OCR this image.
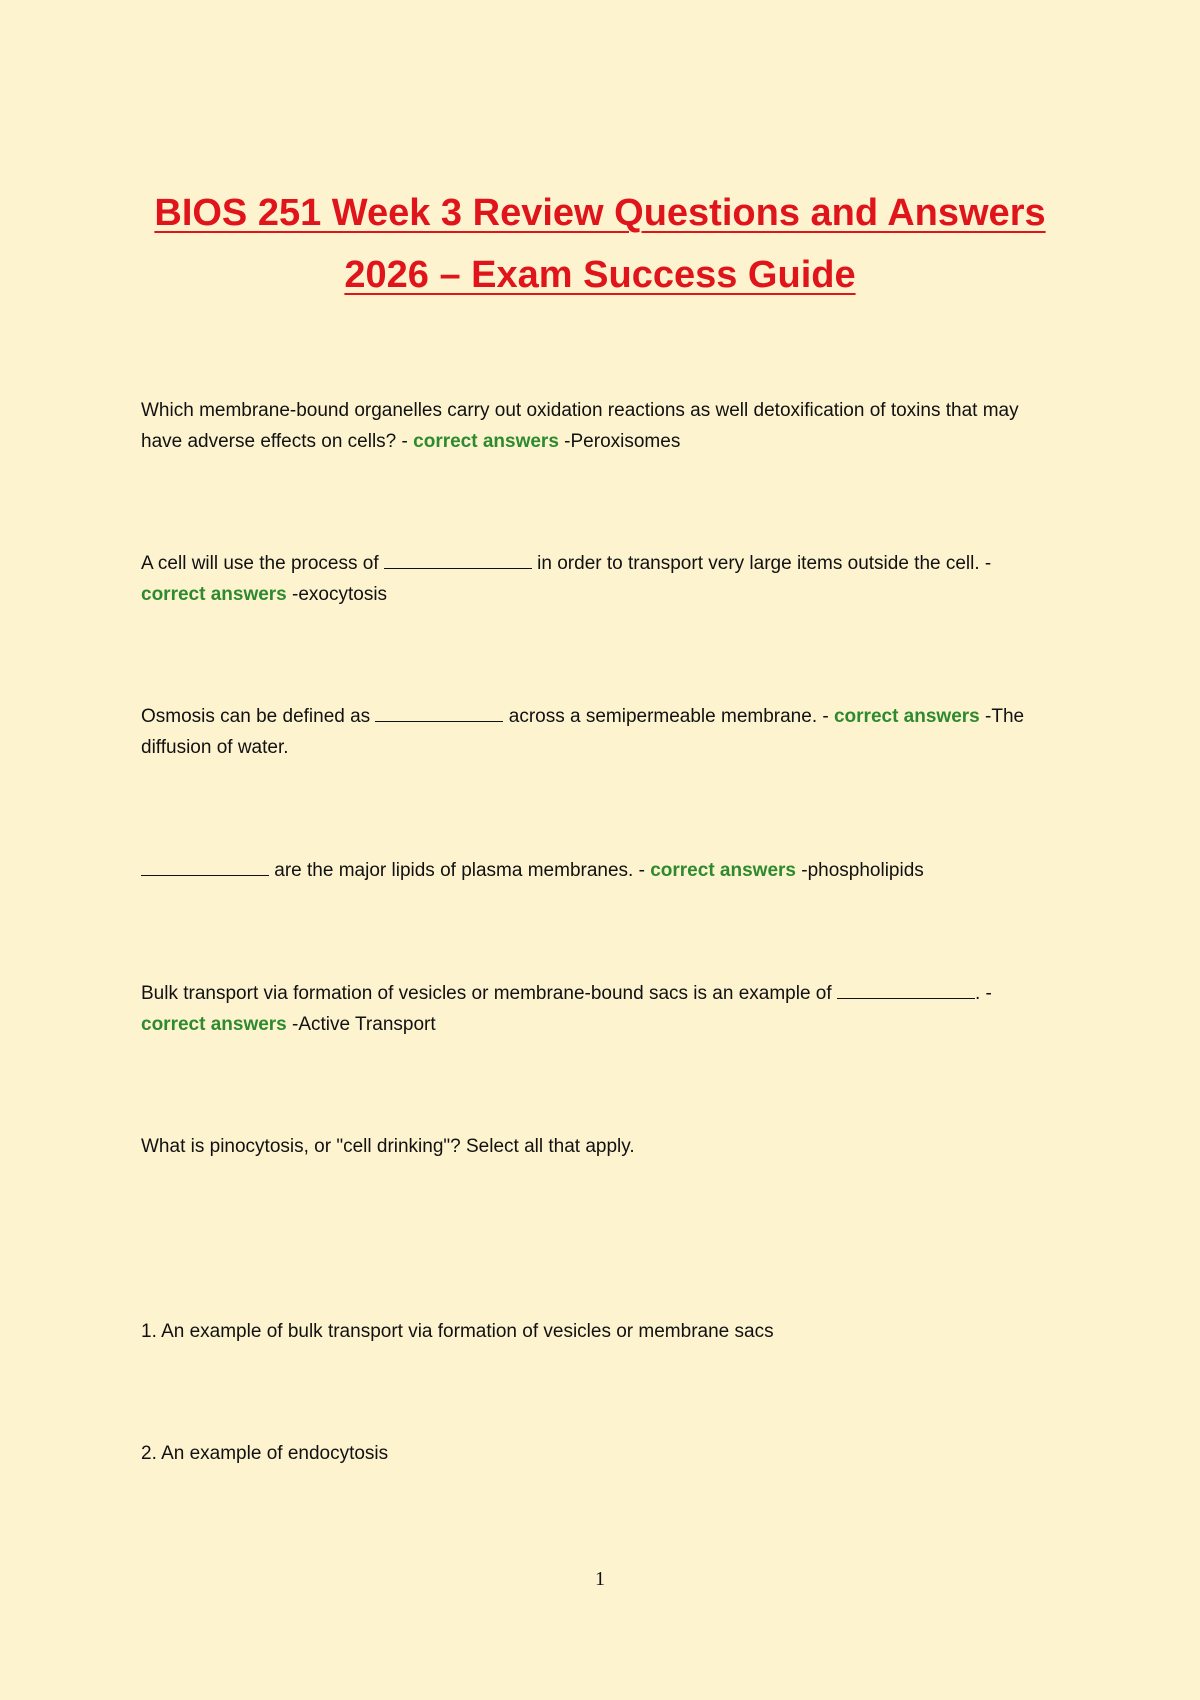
BIOS 251 Week 3 Review Questions and Answers
2026 – Exam Success Guide

Which membrane-bound organelles carry out oxidation reactions as well detoxification of toxins that may have adverse effects on cells? - correct answers -Peroxisomes

A cell will use the process of	in order to transport very large items outside the cell. -
correct answers -exocytosis

Osmosis can be defined as	across a semipermeable membrane. - correct answers -The diffusion of water.

are the major lipids of plasma membranes. - correct answers -phospholipids

Bulk transport via formation of vesicles or membrane-bound sacs is an example of	. -
correct answers -Active Transport

What is pinocytosis, or "cell drinking"? Select all that apply.

1. An example of bulk transport via formation of vesicles or membrane sacs

2. An example of endocytosis

1
